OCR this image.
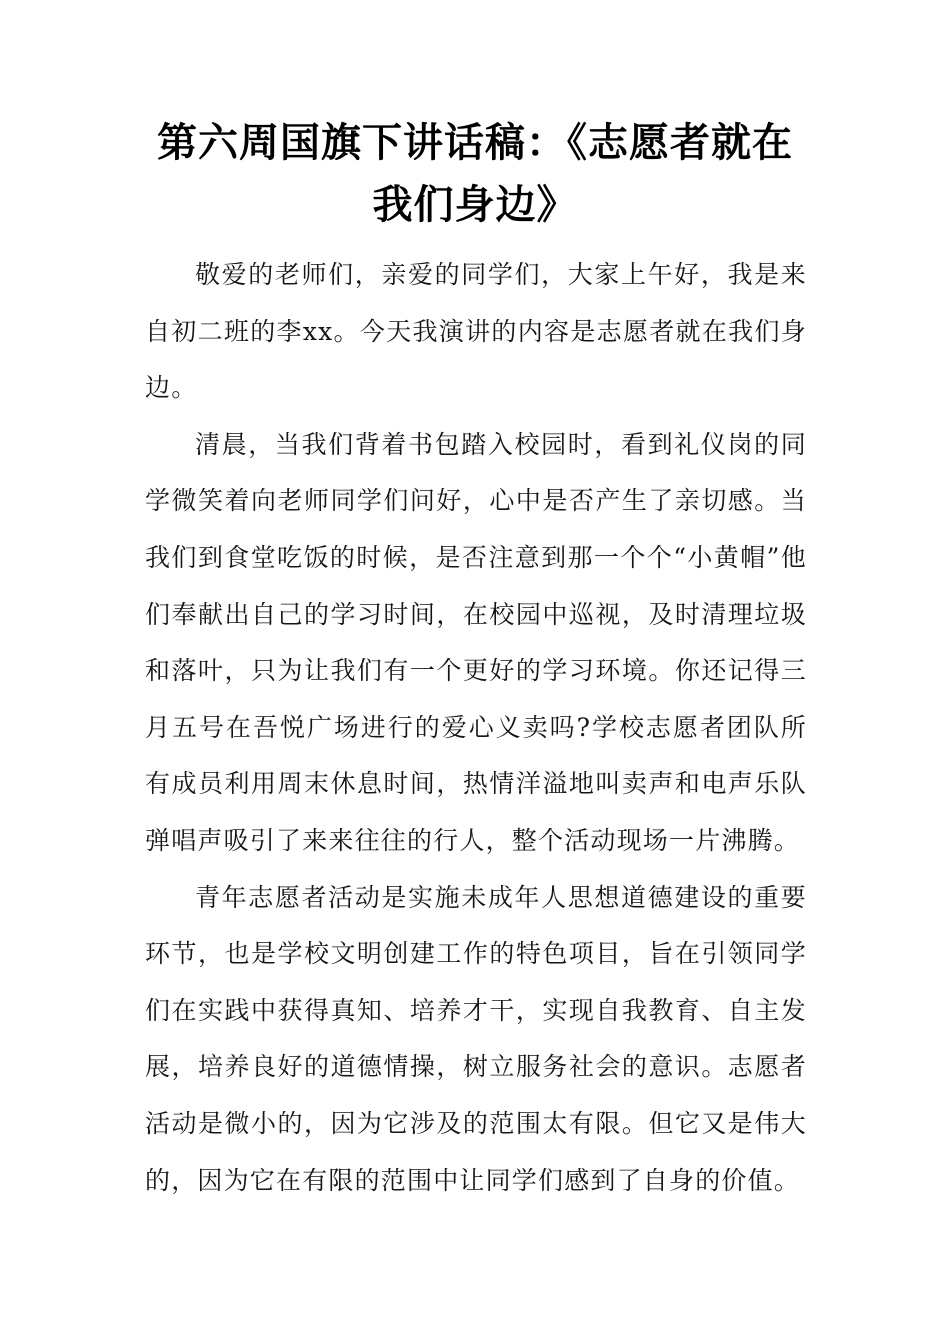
第六周国旗下讲话稿：《志愿者就在我们身边》

敬爱的老师们，亲爱的同学们，大家上午好，我是来自初二班的李xx。今天我演讲的内容是志愿者就在我们身边。

清晨，当我们背着书包踏入校园时，看到礼仪岗的同学微笑着向老师同学们问好，心中是否产生了亲切感。当我们到食堂吃饭的时候，是否注意到那一个个“小黄帽”他们奉献出自己的学习时间，在校园中巡视，及时清理垃圾和落叶，只为让我们有一个更好的学习环境。你还记得三月五号在吾悦广场进行的爱心义卖吗?学校志愿者团队所有成员利用周末休息时间，热情洋溢地叫卖声和电声乐队弹唱声吸引了来来往往的行人，整个活动现场一片沸腾。

青年志愿者活动是实施未成年人思想道德建设的重要环节，也是学校文明创建工作的特色项目，旨在引领同学们在实践中获得真知、培养才干，实现自我教育、自主发展，培养良好的道德情操，树立服务社会的意识。志愿者活动是微小的，因为它涉及的范围太有限。但它又是伟大的，因为它在有限的范围中让同学们感到了自身的价值。
